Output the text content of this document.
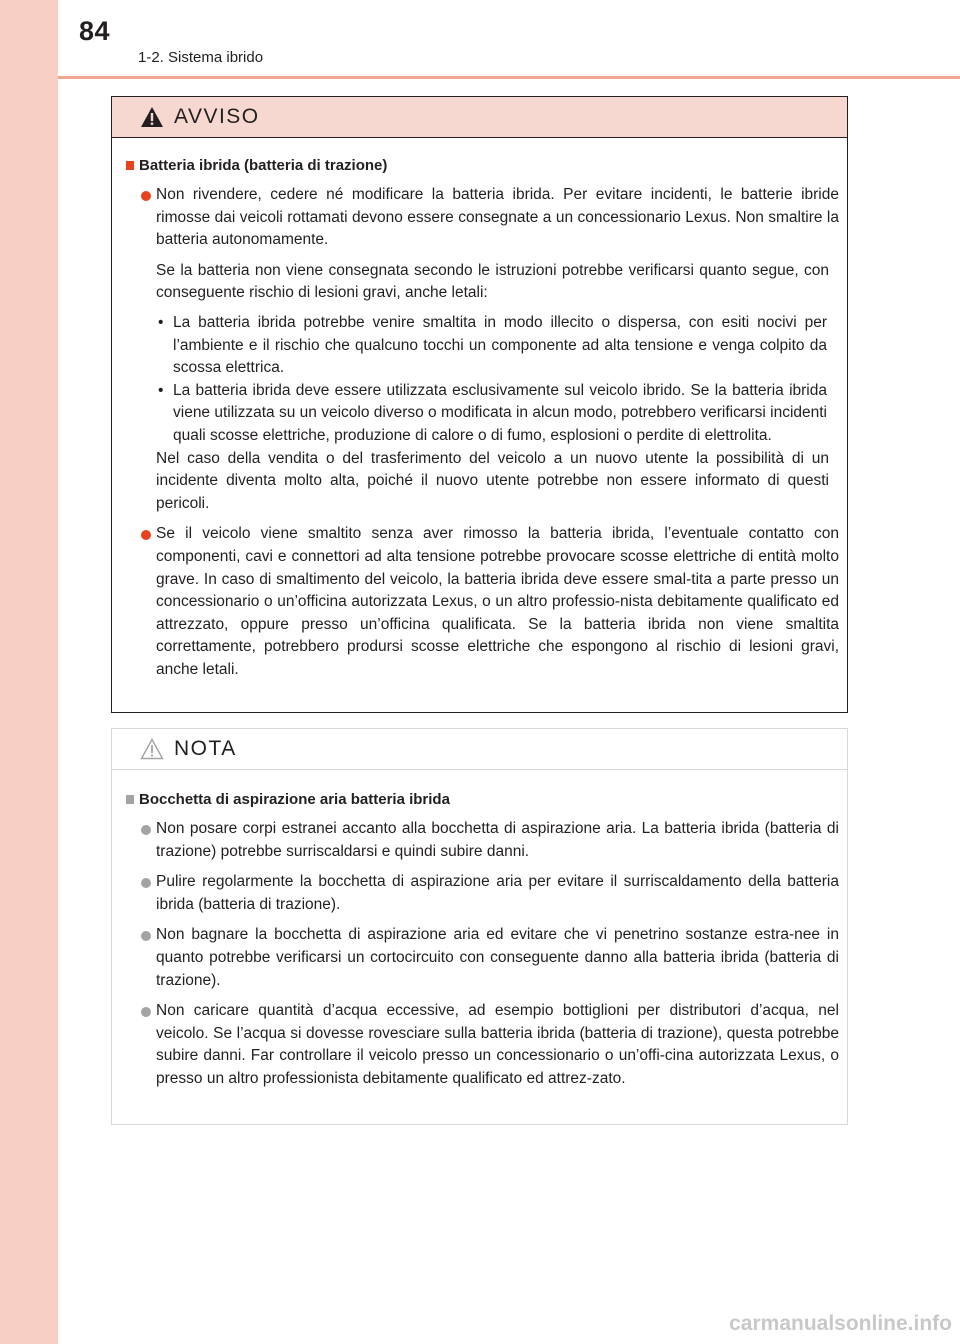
84
1-2. Sistema ibrido
AVVISO
Batteria ibrida (batteria di trazione)
Non rivendere, cedere né modificare la batteria ibrida. Per evitare incidenti, le batterie ibride rimosse dai veicoli rottamati devono essere consegnate a un concessionario Lexus. Non smaltire la batteria autonomamente.
Se la batteria non viene consegnata secondo le istruzioni potrebbe verificarsi quanto segue, con conseguente rischio di lesioni gravi, anche letali:
• La batteria ibrida potrebbe venire smaltita in modo illecito o dispersa, con esiti nocivi per l’ambiente e il rischio che qualcuno tocchi un componente ad alta tensione e venga colpito da scossa elettrica.
• La batteria ibrida deve essere utilizzata esclusivamente sul veicolo ibrido. Se la batteria ibrida viene utilizzata su un veicolo diverso o modificata in alcun modo, potrebbero verificarsi incidenti quali scosse elettriche, produzione di calore o di fumo, esplosioni o perdite di elettrolita.
Nel caso della vendita o del trasferimento del veicolo a un nuovo utente la possibilità di un incidente diventa molto alta, poiché il nuovo utente potrebbe non essere informato di questi pericoli.
Se il veicolo viene smaltito senza aver rimosso la batteria ibrida, l’eventuale contatto con componenti, cavi e connettori ad alta tensione potrebbe provocare scosse elettriche di entità molto grave. In caso di smaltimento del veicolo, la batteria ibrida deve essere smal-tita a parte presso un concessionario o un’officina autorizzata Lexus, o un altro professio-nista debitamente qualificato ed attrezzato, oppure presso un’officina qualificata. Se la batteria ibrida non viene smaltita correttamente, potrebbero prodursi scosse elettriche che espongono al rischio di lesioni gravi, anche letali.
NOTA
Bocchetta di aspirazione aria batteria ibrida
Non posare corpi estranei accanto alla bocchetta di aspirazione aria. La batteria ibrida (batteria di trazione) potrebbe surriscaldarsi e quindi subire danni.
Pulire regolarmente la bocchetta di aspirazione aria per evitare il surriscaldamento della batteria ibrida (batteria di trazione).
Non bagnare la bocchetta di aspirazione aria ed evitare che vi penetrino sostanze estra-nee in quanto potrebbe verificarsi un cortocircuito con conseguente danno alla batteria ibrida (batteria di trazione).
Non caricare quantità d’acqua eccessive, ad esempio bottiglioni per distributori d’acqua, nel veicolo. Se l’acqua si dovesse rovesciare sulla batteria ibrida (batteria di trazione), questa potrebbe subire danni. Far controllare il veicolo presso un concessionario o un’offi-cina autorizzata Lexus, o presso un altro professionista debitamente qualificato ed attrez-zato.
carmanualsonline.info
